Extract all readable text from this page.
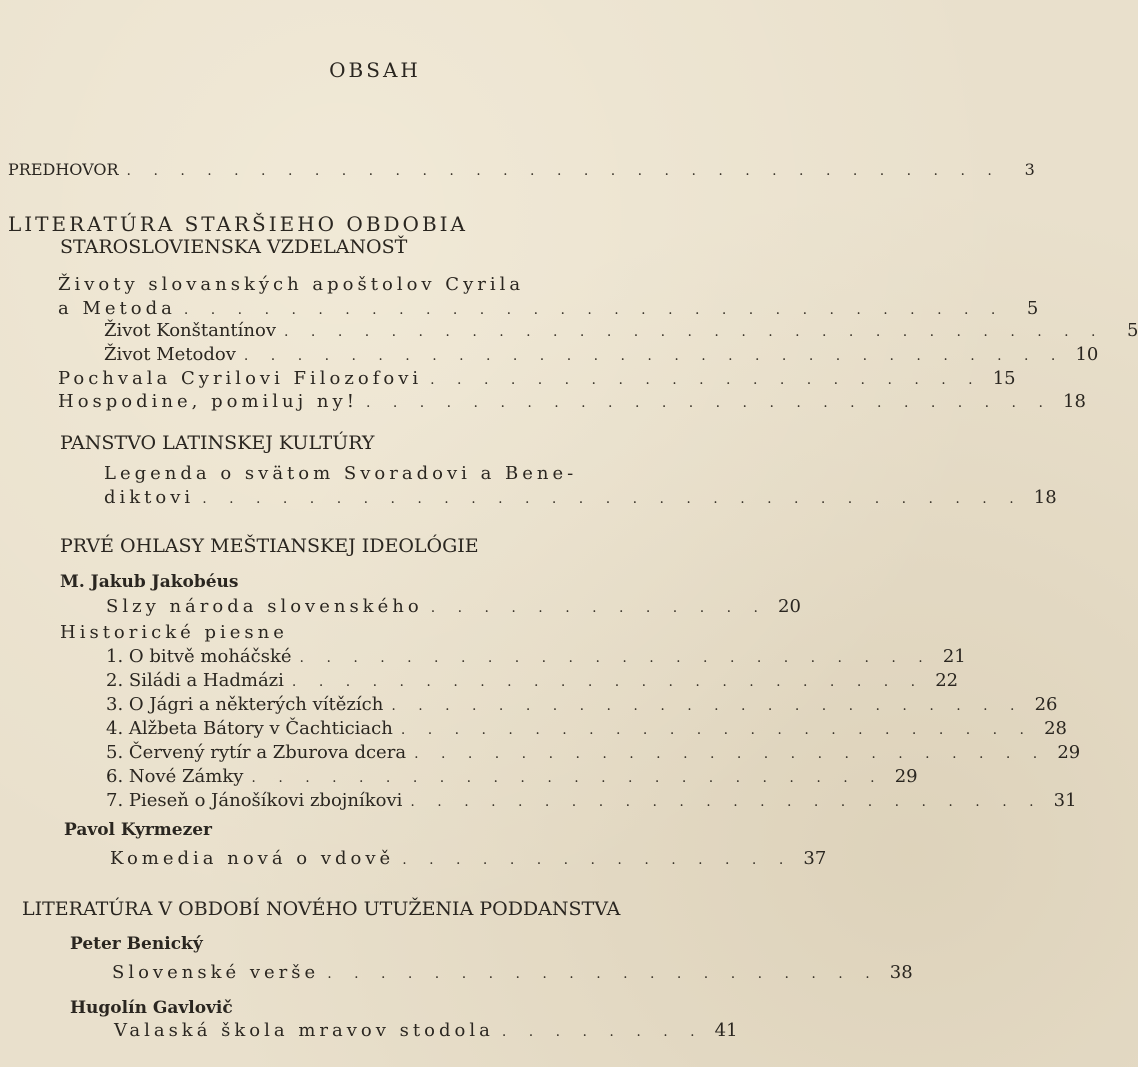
OBSAH
PREDHOVOR . . . . . . . . . . . . . . . . . . . . . . . . . . . . . . . . .	3
LITERATÚRA STARŠIEHO OBDOBIA
STAROSLOVIENSKA VZDELANOSŤ
Životy slovanských apoštolov Cyrila
a Metoda . . . . . . . . . . . . . . . . . . . . . . . . . . . . . . .	5
Život Konštantínov . . . . . . . . . . . . . . . . . . . . . . . . . . . . . . .	5
Život Metodov . . . . . . . . . . . . . . . . . . . . . . . . . . . . . . . 10
Pochvala Cyrilovi Filozofovi . . . . . . . . . . . . . . . . . . . . . 15
Hospodine, pomiluj ny! . . . . . . . . . . . . . . . . . . . . . . . . . . 18
PANSTVO LATINSKEJ KULTÚRY
Legenda o svätom Svoradovi a Bene-
diktovi . . . . . . . . . . . . . . . . . . . . . . . . . . . . . . . 18
PRVÉ OHLASY MEŠTIANSKEJ IDEOLÓGIE
M. Jakub Jakobéus
Slzy národa slovenského . . . . . . . . . . . . . 20
Historické piesne
1. O bitvě moháčské . . . . . . . . . . . . . . . . . . . . . . . . 21
2. Siládi a Hadmázi . . . . . . . . . . . . . . . . . . . . . . . . 22
3. O Jágri a některých vítězích . . . . . . . . . . . . . . . . . . . . . . . . 26
4. Alžbeta Bátory v Čachticiach . . . . . . . . . . . . . . . . . . . . . . . . 28
5. Červený rytír a Zburova dcera . . . . . . . . . . . . . . . . . . . . . . . . 29
6. Nové Zámky . . . . . . . . . . . . . . . . . . . . . . . . 29
7. Pieseň o Jánošíkovi zbojníkovi . . . . . . . . . . . . . . . . . . . . . . . . 31
Pavol Kyrmezer
Komedia nová o vdově . . . . . . . . . . . . . . . 37
LITERATÚRA V OBDOBÍ NOVÉHO UTUŽENIA PODDANSTVA
Peter Benický
Slovenské verše . . . . . . . . . . . . . . . . . . . . . 38
Hugolín Gavlovič
Valaská škola mravov stodola . . . . . . . . 41
